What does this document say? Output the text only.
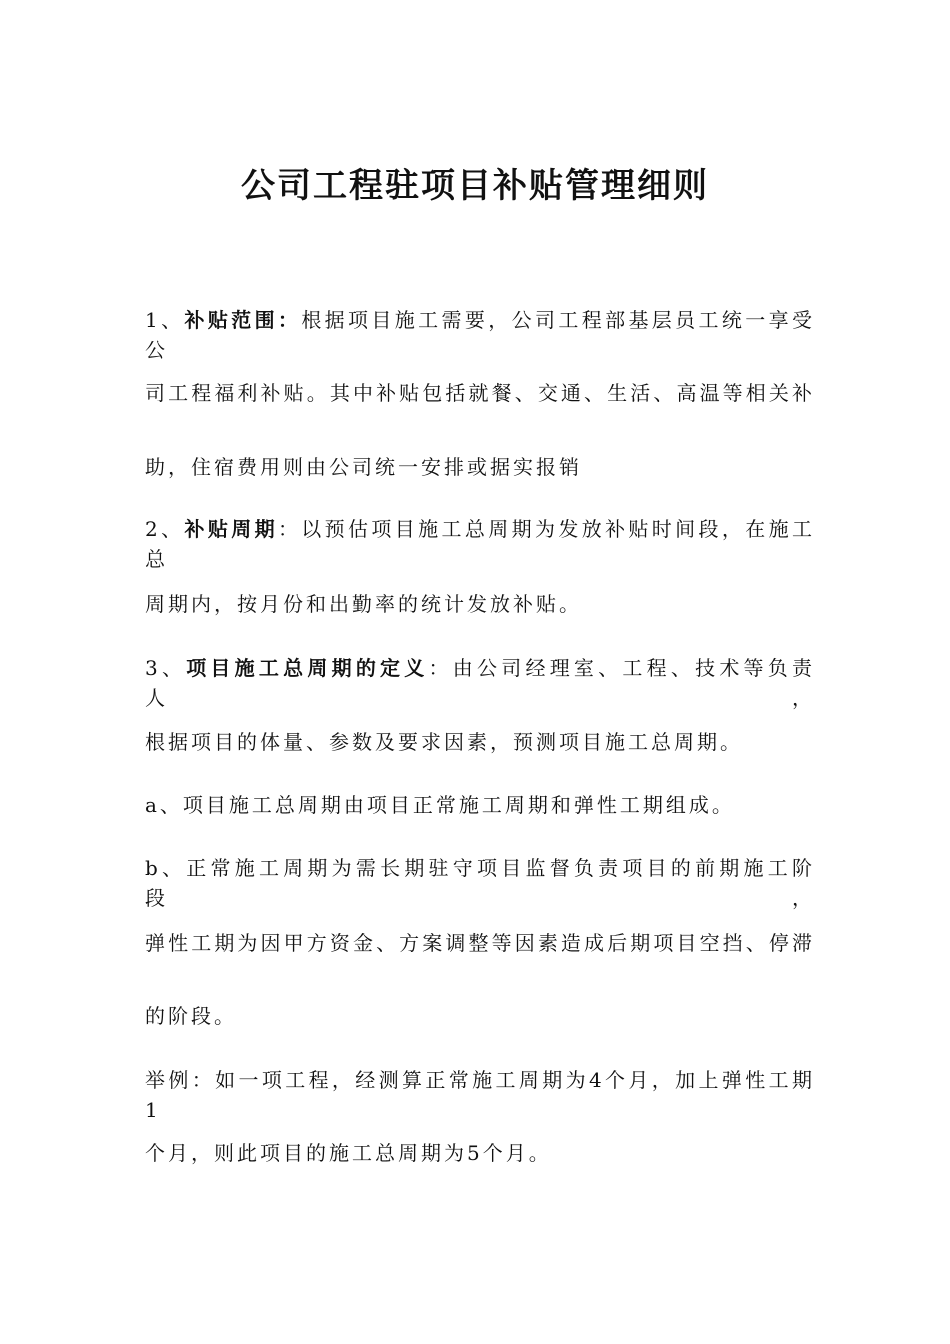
公司工程驻项目补贴管理细则
1、补贴范围：根据项目施工需要，公司工程部基层员工统一享受公
司工程福利补贴。其中补贴包括就餐、交通、生活、高温等相关补
助，住宿费用则由公司统一安排或据实报销
2、补贴周期：以预估项目施工总周期为发放补贴时间段，在施工总
周期内，按月份和出勤率的统计发放补贴。
3、项目施工总周期的定义：由公司经理室、工程、技术等负责人，
根据项目的体量、参数及要求因素，预测项目施工总周期。
a、项目施工总周期由项目正常施工周期和弹性工期组成。
b、正常施工周期为需长期驻守项目监督负责项目的前期施工阶段，
弹性工期为因甲方资金、方案调整等因素造成后期项目空挡、停滞
的阶段。
举例：如一项工程，经测算正常施工周期为4个月，加上弹性工期1
个月，则此项目的施工总周期为5个月。
